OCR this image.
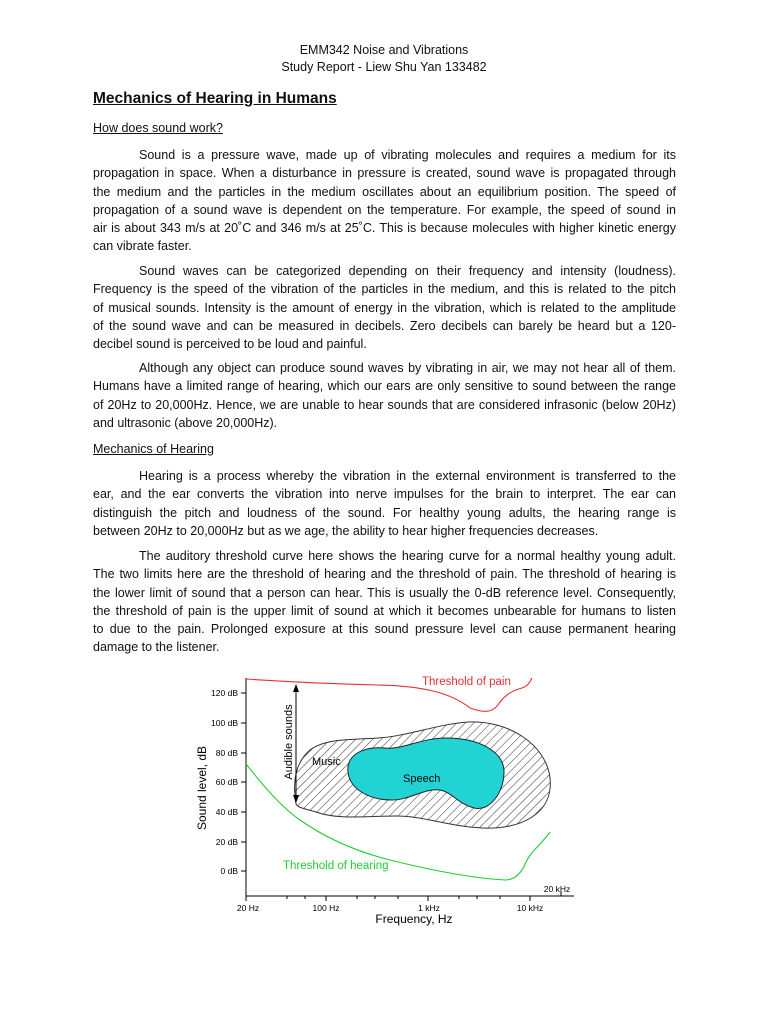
EMM342 Noise and Vibrations
Study Report - Liew Shu Yan 133482
Mechanics of Hearing in Humans
How does sound work?
Sound is a pressure wave, made up of vibrating molecules and requires a medium for its
propagation in space. When a disturbance in pressure is created, sound wave is propagated through
the medium and the particles in the medium oscillates about an equilibrium position. The speed of
propagation of a sound wave is dependent on the temperature. For example, the speed of sound in
air is about 343 m/s at 20˚C and 346 m/s at 25˚C. This is because molecules with higher kinetic energy
can vibrate faster.
Sound waves can be categorized depending on their frequency and intensity (loudness).
Frequency is the speed of the vibration of the particles in the medium, and this is related to the pitch
of musical sounds. Intensity is the amount of energy in the vibration, which is related to the amplitude
of the sound wave and can be measured in decibels. Zero decibels can barely be heard but a 120-
decibel sound is perceived to be loud and painful.
Although any object can produce sound waves by vibrating in air, we may not hear all of them.
Humans have a limited range of hearing, which our ears are only sensitive to sound between the range
of 20Hz to 20,000Hz. Hence, we are unable to hear sounds that are considered infrasonic (below 20Hz)
and ultrasonic (above 20,000Hz).
Mechanics of Hearing
Hearing is a process whereby the vibration in the external environment is transferred to the
ear, and the ear converts the vibration into nerve impulses for the brain to interpret. The ear can
distinguish the pitch and loudness of the sound. For healthy young adults, the hearing range is
between 20Hz to 20,000Hz but as we age, the ability to hear higher frequencies decreases.
The auditory threshold curve here shows the hearing curve for a normal healthy young adult.
The two limits here are the threshold of hearing and the threshold of pain. The threshold of hearing is
the lower limit of sound that a person can hear. This is usually the 0-dB reference level. Consequently,
the threshold of pain is the upper limit of sound at which it becomes unbearable for humans to listen
to due to the pain. Prolonged exposure at this sound pressure level can cause permanent hearing
damage to the listener.
120 dB
100 dB
80 dB
60 dB
40 dB
20 dB
0 dB
20 Hz	100 Hz	1 kHz	10 kHz
20 kHz
Frequency, Hz
Sound level, dB
Audible sounds Music
Speech
Threshold of pain
Threshold of hearing
